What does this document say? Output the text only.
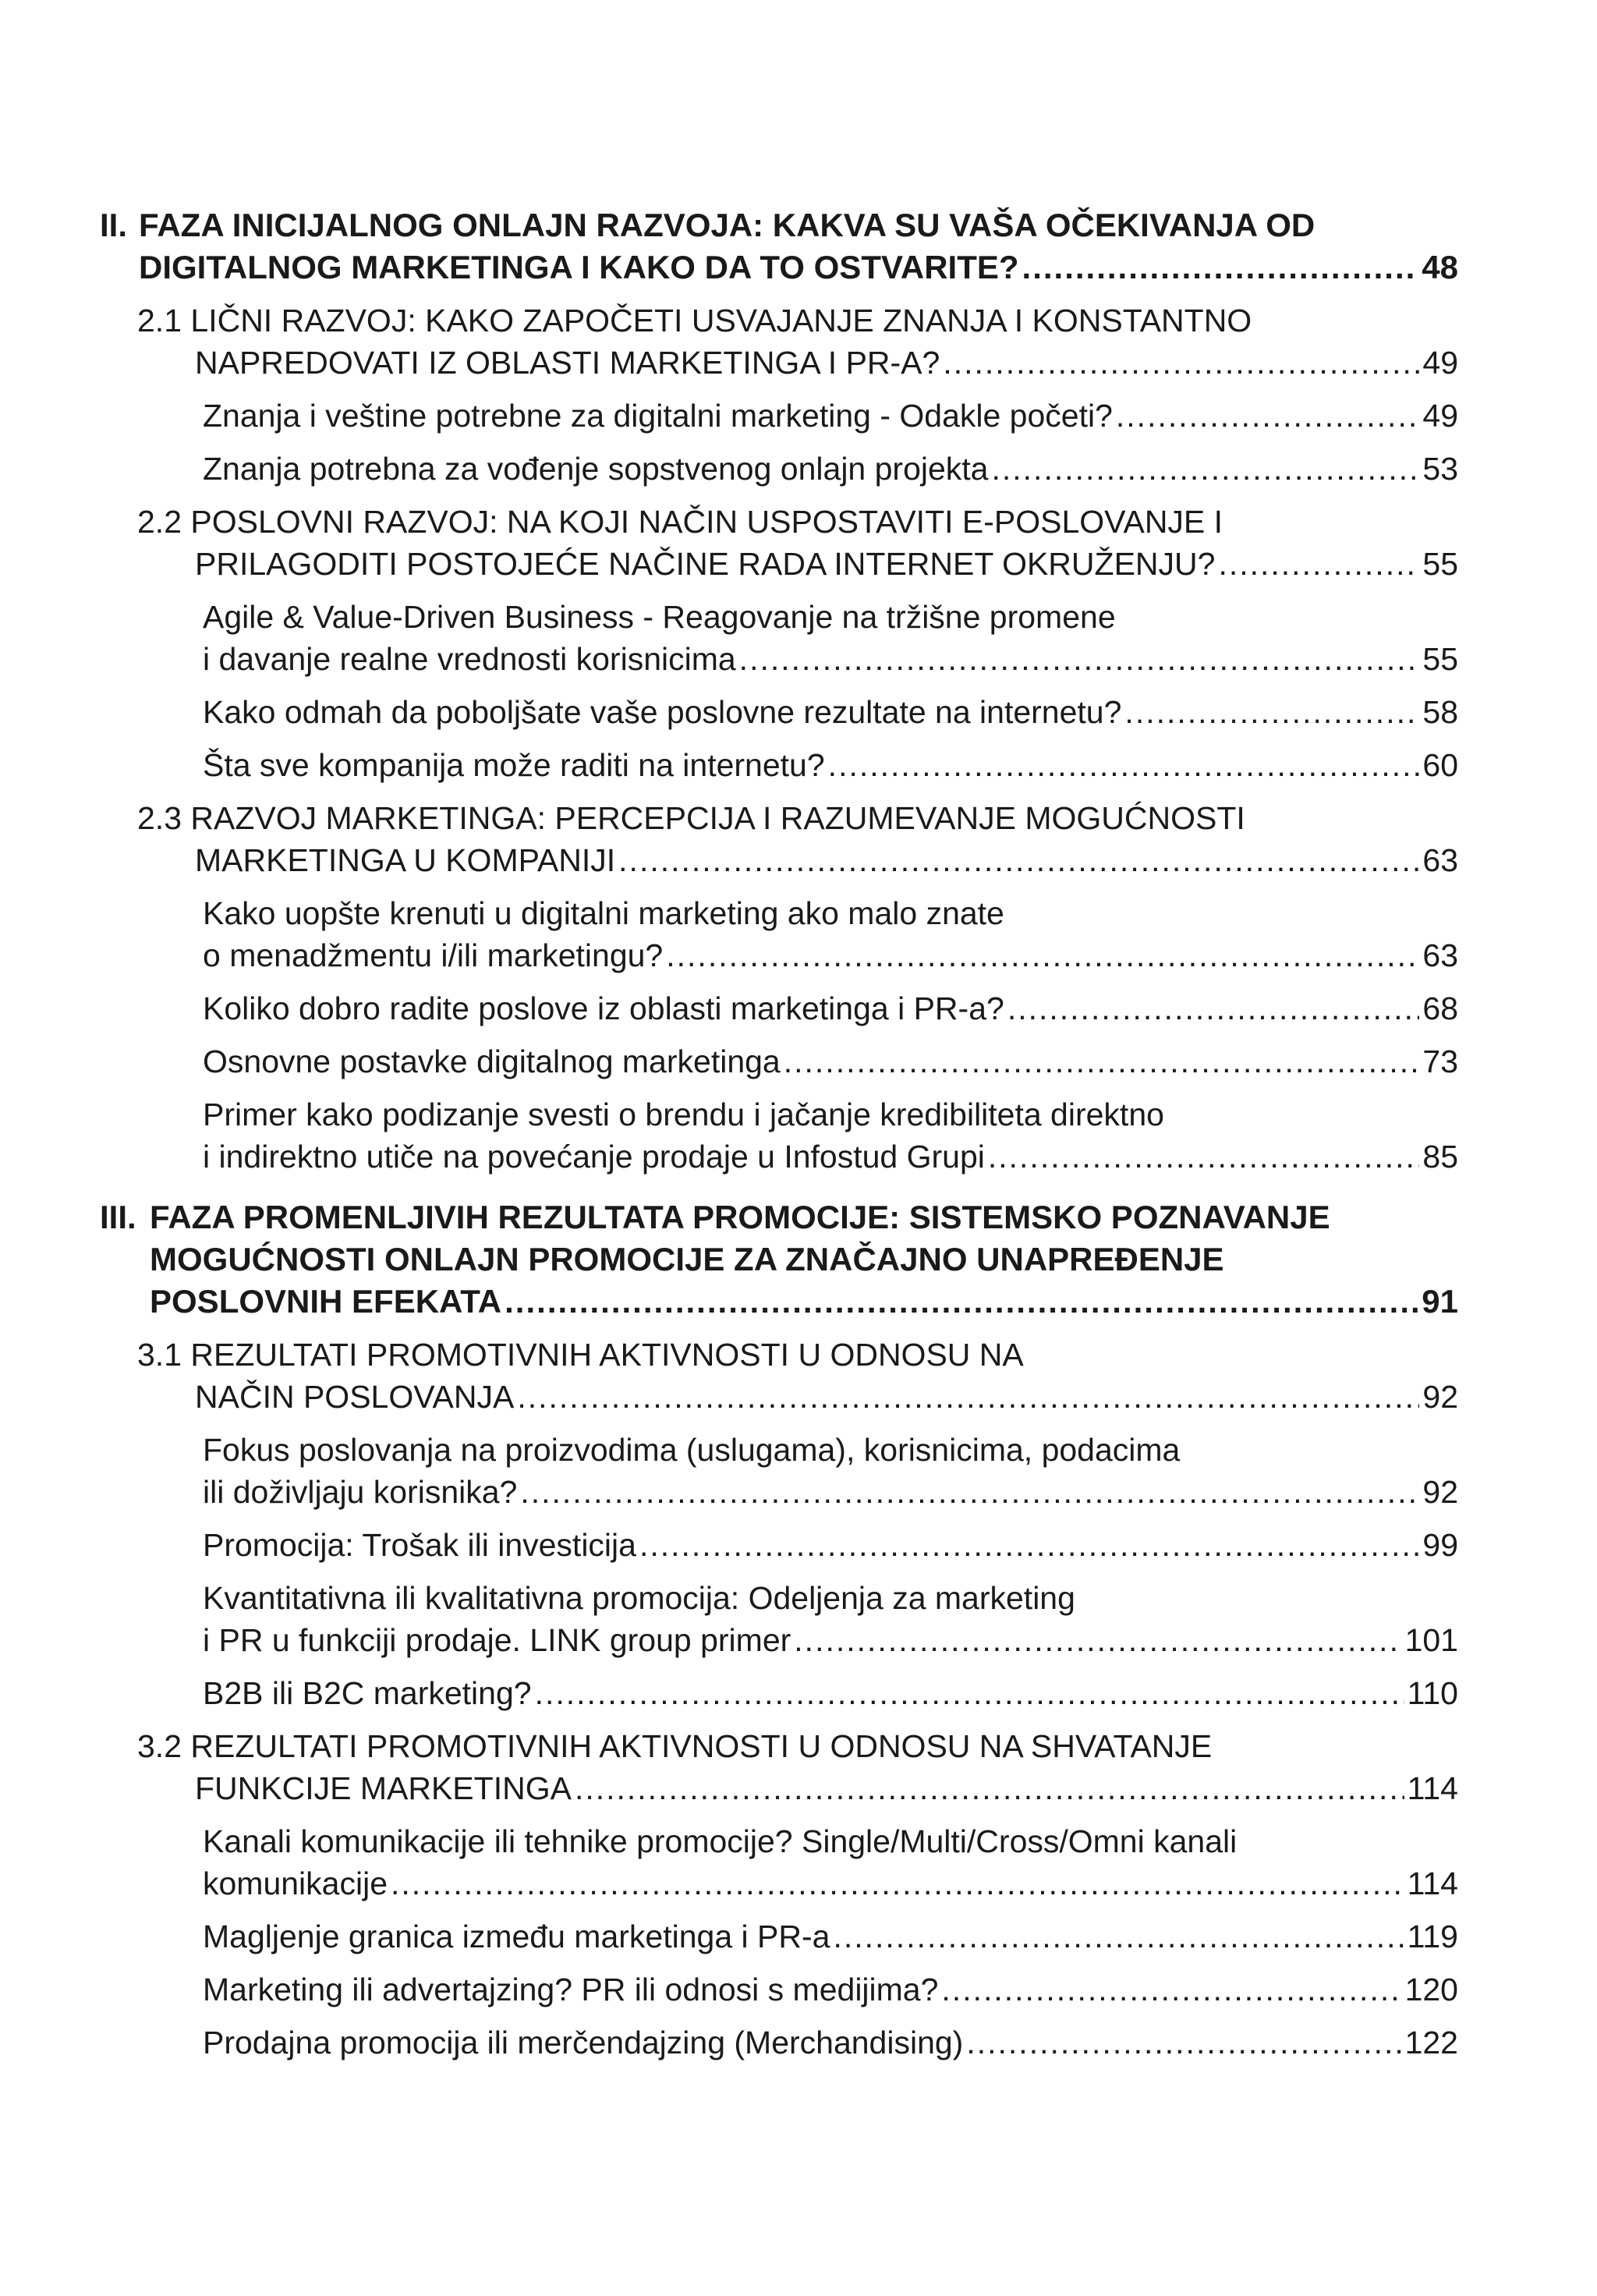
II. FAZA INICIJALNOG ONLAJN RAZVOJA: KAKVA SU VAŠA OČEKIVANJA OD
DIGITALNOG MARKETINGA I KAKO DA TO OSTVARITE? .....	48
2.1 LIČNI RAZVOJ: KAKO ZAPOČETI USVAJANJE ZNANJA I KONSTANTNO
NAPREDOVATI IZ OBLASTI MARKETINGA I PR-A? .....	49
Znanja i veštine potrebne za digitalni marketing - Odakle početi? .....	49
Znanja potrebna za vođenje sopstvenog onlajn projekta .....	53
2.2 POSLOVNI RAZVOJ: NA KOJI NAČIN USPOSTAVITI E-POSLOVANJE I
PRILAGODITI POSTOJEĆE NAČINE RADA INTERNET OKRUŽENJU? .....	55
Agile & Value-Driven Business - Reagovanje na tržišne promene
i davanje realne vrednosti korisnicima .....	55
Kako odmah da poboljšate vaše poslovne rezultate na internetu? .....	58
Šta sve kompanija može raditi na internetu? .....	60
2.3 RAZVOJ MARKETINGA: PERCEPCIJA I RAZUMEVANJE MOGUĆNOSTI
MARKETINGA U KOMPANIJI .....	63
Kako uopšte krenuti u digitalni marketing ako malo znate
o menadžmentu i/ili marketingu? .....	63
Koliko dobro radite poslove iz oblasti marketinga i PR-a? .....	68
Osnovne postavke digitalnog marketinga .....	73
Primer kako podizanje svesti o brendu i jačanje kredibiliteta direktno
i indirektno utiče na povećanje prodaje u Infostud Grupi .....	85
III. FAZA PROMENLJIVIH REZULTATA PROMOCIJE: SISTEMSKO POZNAVANJE
MOGUĆNOSTI ONLAJN PROMOCIJE ZA ZNAČAJNO UNAPREĐENJE
POSLOVNIH EFEKATA .....	91
3.1 REZULTATI PROMOTIVNIH AKTIVNOSTI U ODNOSU NA
NAČIN POSLOVANJA .....	92
Fokus poslovanja na proizvodima (uslugama), korisnicima, podacima
ili doživljaju korisnika? .....	92
Promocija: Trošak ili investicija .....	99
Kvantitativna ili kvalitativna promocija: Odeljenja za marketing
i PR u funkciji prodaje. LINK group primer .....	101
B2B ili B2C marketing? .....	110
3.2 REZULTATI PROMOTIVNIH AKTIVNOSTI U ODNOSU NA SHVATANJE
FUNKCIJE MARKETINGA .....	114
Kanali komunikacije ili tehnike promocije? Single/Multi/Cross/Omni kanali
komunikacije .....	114
Magljenje granica između marketinga i PR-a .....	119
Marketing ili advertajzing? PR ili odnosi s medijima? .....	120
Prodajna promocija ili merčendajzing (Merchandising) .....	122
